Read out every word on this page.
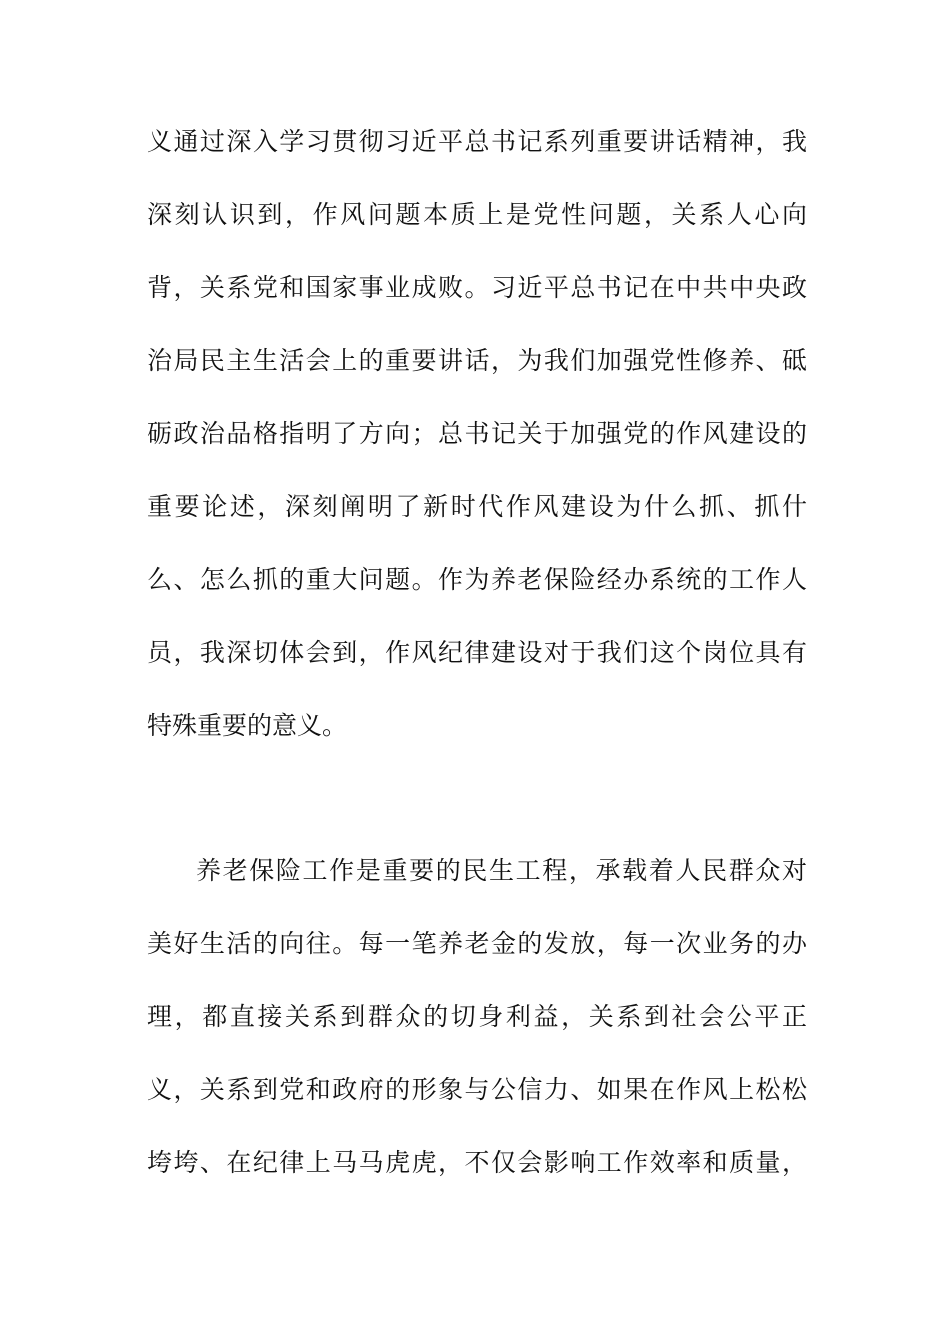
义通过深入学习贯彻习近平总书记系列重要讲话精神，我
深刻认识到，作风问题本质上是党性问题，关系人心向
背，关系党和国家事业成败。习近平总书记在中共中央政
治局民主生活会上的重要讲话，为我们加强党性修养、砥
砺政治品格指明了方向；总书记关于加强党的作风建设的
重要论述，深刻阐明了新时代作风建设为什么抓、抓什
么、怎么抓的重大问题。作为养老保险经办系统的工作人
员，我深切体会到，作风纪律建设对于我们这个岗位具有
特殊重要的意义。
养老保险工作是重要的民生工程，承载着人民群众对
美好生活的向往。每一笔养老金的发放，每一次业务的办
理，都直接关系到群众的切身利益，关系到社会公平正
义，关系到党和政府的形象与公信力、如果在作风上松松
垮垮、在纪律上马马虎虎，不仅会影响工作效率和质量，
